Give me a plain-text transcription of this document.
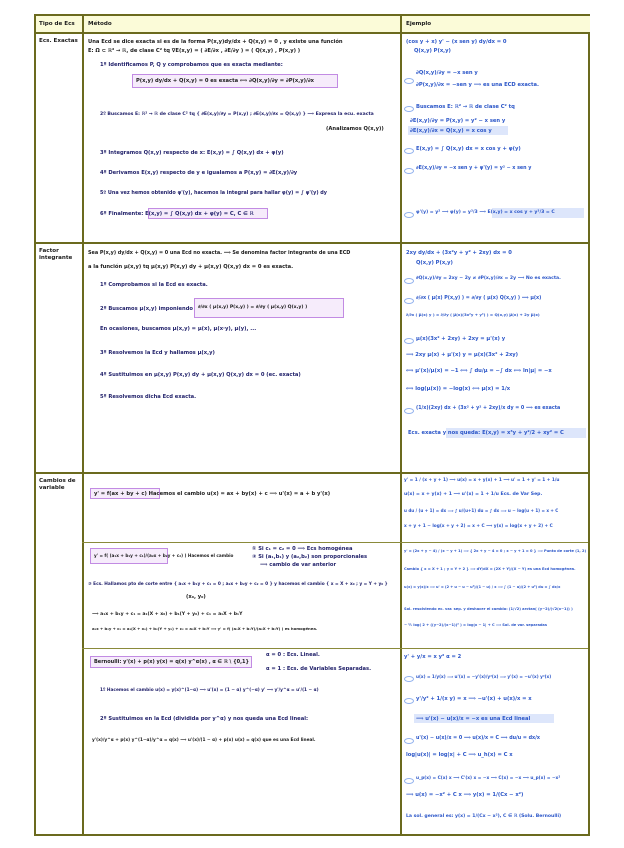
Tipo de Ecs Método	Ejemplo
Ecs. Exactas Una Ecd se dice exacta si es de la forma P(x,y)dy/dx + Q(x,y) = 0 , y existe una función
E: Ω ⊂ ℝ² → ℝ, de clase C² tq ∇E(x,y) = ( ∂E/∂x , ∂E/∂y ) = ( Q(x,y) , P(x,y) )
1º Identificamos P, Q y comprobamos que es exacta mediante:
P(x,y) dy/dx + Q(x,y) = 0 es exacta ⟺ ∂Q(x,y)/∂y = ∂P(x,y)/∂x
2º Buscamos E: ℝ² → ℝ de clase C² tq { ∂E(x,y)/∂y = P(x,y) ; ∂E(x,y)/∂x = Q(x,y) } ⟹ Expresa la ecu. exacta
(Analizamos Q(x,y))
3º Integramos Q(x,y) respecto de x: E(x,y) = ∫ Q(x,y) dx + φ(y)
4º Derivamos E(x,y) respecto de y e igualamos a P(x,y) = ∂E(x,y)/∂y
5º Una vez hemos obtenido φ'(y), hacemos la integral para hallar φ(y) = ∫ φ'(y) dy
6º Finalmente: E(x,y) = ∫ Q(x,y) dx + φ(y) = C, C ∈ ℝ
(cos y + x) y' − (x sen y) dy/dx = 0
Q(x,y) P(x,y)
∂Q(x,y)/∂y = −x sen y
∂P(x,y)/∂x = −sen y ⟹ es una ECD exacta.
Buscamos E: ℝ² → ℝ de clase C² tq
∂E(x,y)/∂y = P(x,y) = y² − x sen y
∂E(x,y)/∂x = Q(x,y) = x cos y
E(x,y) = ∫ Q(x,y) dx = x cos y + φ(y)
∂E(x,y)/∂y = −x sen y + φ'(y) = y² − x sen y
φ'(y) = y² ⟹ φ(y) = y³/3 ⟹ E(x,y) = x cos y + y³/3 = C
Factor integrante
Sea P(x,y) dy/dx + Q(x,y) = 0 una Ecd no exacta. ⟹ Se denomina factor integrante de una ECD
a la función μ(x,y) tq μ(x,y) P(x,y) dy + μ(x,y) Q(x,y) dx = 0 es exacta.
1º Comprobamos si la Ecd es exacta.
2º Buscamos μ(x,y) imponiendo ∂/∂x ( μ(x,y) P(x,y) ) = ∂/∂y ( μ(x,y) Q(x,y) )
En ocasiones, buscamos μ(x,y) = μ(x), μ(x·y), μ(y), ...
3º Resolvemos la Ecd y hallamos μ(x,y)
4º Sustituimos en μ(x,y) P(x,y) dy + μ(x,y) Q(x,y) dx = 0 (ec. exacta)
5º Resolvemos dicha Ecd exacta.
2xy dy/dx + (3x²y + y² + 2xy) dx = 0
Q(x,y) P(x,y)
∂Q(x,y)/∂y = 2xy − 2y ≠ ∂P(x,y)/∂x = 2y ⟹ No es exacta.
∂/∂x ( μ(x) P(x,y) ) = ∂/∂y ( μ(x) Q(x,y) ) ⟹ μ(x)
∂/∂x ( μ(x) y ) = ∂/∂y ( μ(x)(3x²y + y²) ) = Q(x,y) μ(x) + 2y μ(x)
μ(x)(3x² + 2xy) + 2xy = μ'(x) y
⟹ 2xy μ(x) + μ'(x) y = μ(x)(3x² + 2xy)
⟺ μ'(x)/μ(x) = −1 ⟺ ∫ du/μ = −∫ dx ⟺ ln|μ| = −x
⟺ log(μ(x)) = −log(x) ⟺ μ(x) = 1/x
(1/x)(2xy) dx + (3x² + y² + 2xy)/x dy = 0 ⟹ es exacta
Ecs. exacta y nos queda: E(x,y) = x³y + y²/2 + xy² = C
Cambios de variable
y' = f(ax + by + c) Hacemos el cambio u(x) = ax + by(x) + c ⟹ u'(x) = a + b y'(x)
y' = 1 / (x + y + 1) ⟹ u(x) = x + y(x) + 1 ⟹ u' = 1 + y' = 1 + 1/u
u(x) = x + y(x) + 1 ⟹ u'(x) = 1 + 1/u Ecs. de Var Sep.
u du / (u + 1) = dx ⟹ ∫ u/(u+1) du = ∫ dx ⟹ u − log(u + 1) = x + C
x + y + 1 − log(x + y + 2) = x + C ⟹ y(x) = log(x + y + 2) + C
y' = f( (a₁x + b₁y + c₁)/(a₂x + b₂y + c₂) ) Hacemos el cambio
① Si c₁ = c₂ = 0 ⟹ Ecs homogénea
② Si (a₁,b₁) y (a₂,b₂) son proporcionales
⟹ cambio de var anterior
③ Ecs. Hallamos pto de corte entre { a₁x + b₁y + c₁ = 0 ; a₂x + b₂y + c₂ = 0 } y hacemos el cambio { x = X + x₀ ; y = Y + y₀ }
(x₀, y₀)
⟹ a₁x + b₁y + c₁ = a₁(X + x₀) + b₁(Y + y₀) + c₁ = a₁X + b₁Y
a₂x + b₂y + c₂ = a₂(X + x₀) + b₂(Y + y₀) + c₂ = a₂X + b₂Y ⟹ y' = f( (a₁X + b₁Y)/(a₂X + b₂Y) ) es homogénea.
y' = (2x + y − 4) / (x − y + 1) ⟹ { 2x + y − 4 = 0 ; x − y + 1 = 0 } ⟹ Punto de corte (1, 2)
Cambio { x = X + 1 ; y = Y + 2 } ⟹ dY/dX = (2X + Y)/(X − Y) es una Ecd homogénea.
u(x) = y(x)/x ⟹ u' = (2 + u − u − u²)/(1 − u) / x ⟹ ∫ (1 − u)/(2 + u²) du = ∫ dx/x
Sol. resolviendo ec. var. sep. y deshacer el cambio: (1/√2) arctan( (y−2)/(√2(x−1)) )
− ½ log( 2 + ((y−2)/(x−1))² ) = log|x − 1| + C ⟹ Sol. de var. separadas
Bernoulli: y'(x) + p(x) y(x) = q(x) y^α(x) , α ∈ ℝ \ {0,1}
α = 0 : Ecs. Lineal.
α = 1 : Ecs. de Variables Separadas.
1º Hacemos el cambio u(x) = y(x)^(1−α) ⟹ u'(x) = (1 − α) y^(−α) y' ⟹ y'/y^α = u'/(1 − α)
2º Sustituimos en la Ecd (dividida por y^α) y nos queda una Ecd lineal:
y'(x)/y^α + p(x) y^(1−α)/y^α = q(x) ⟹ u'(x)/(1 − α) + p(x) u(x) = q(x) que es una Ecd lineal.
y' + y/x = x y² α = 2
u(x) = 1/y(x) ⟹ u'(x) = −y'(x)/y²(x) ⟹ y'(x) = −u'(x) y²(x)
y'/y² + 1/(x y) = x ⟹ −u'(x) + u(x)/x = x
⟹ u'(x) − u(x)/x = −x es una Ecd lineal
u'(x) − u(x)/x = 0 ⟹ u(x)/x = C ⟹ du/u = dx/x
log|u(x)| = log|x| + C ⟹ u_h(x) = C x
u_p(x) = C(x) x ⟹ C'(x) x = −x ⟹ C(x) = −x ⟹ u_p(x) = −x²
⟹ u(x) = −x² + C x ⟹ y(x) = 1/(Cx − x²)
La sol. general es: y(x) = 1/(Cx − x²), C ∈ ℝ (Solu. Bernoulli)
